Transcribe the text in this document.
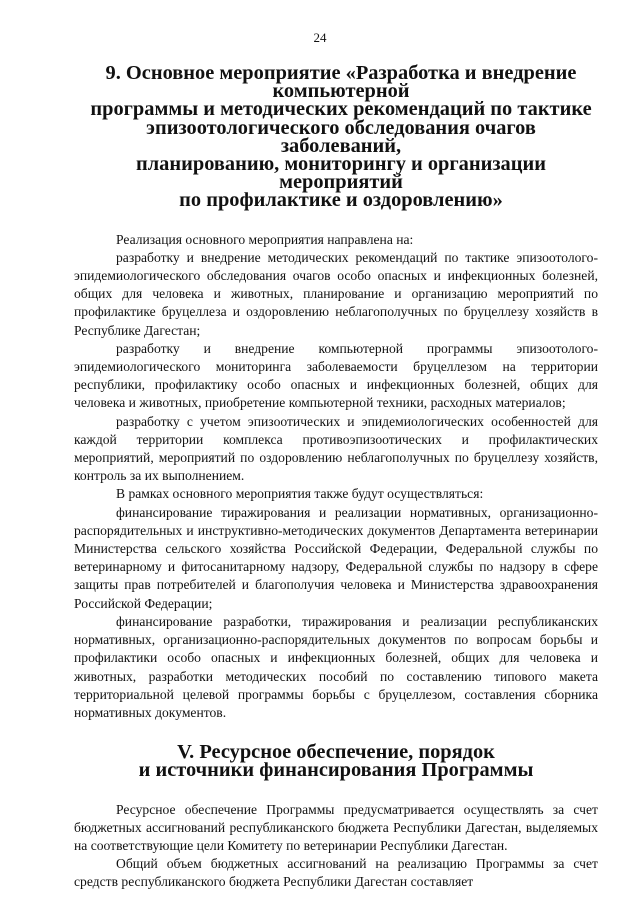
24
9. Основное мероприятие «Разработка и внедрение компьютерной
программы и методических рекомендаций по тактике
эпизоотологического обследования очагов заболеваний,
планированию, мониторингу и организации мероприятий
по профилактике и оздоровлению»

Реализация основного мероприятия направлена на:

разработку и внедрение методических рекомендаций по тактике эпизоотолого-эпидемиологического обследования очагов особо опасных и инфекционных болезней, общих для человека и животных, планирование и организацию мероприятий по профилактике бруцеллеза и оздоровлению неблагополучных по бруцеллезу хозяйств в Республике Дагестан;

разработку и внедрение компьютерной программы эпизоотолого-эпидемиологического мониторинга заболеваемости бруцеллезом на территории республики, профилактику особо опасных и инфекционных болезней, общих для человека и животных, приобретение компьютерной техники, расходных материалов;

разработку с учетом эпизоотических и эпидемиологических особенностей для каждой территории комплекса противоэпизоотических и профилактических мероприятий, мероприятий по оздоровлению неблагополучных по бруцеллезу хозяйств, контроль за их выполнением.

В рамках основного мероприятия также будут осуществляться:

финансирование тиражирования и реализации нормативных, организационно-распорядительных и инструктивно-методических документов Департамента ветеринарии Министерства сельского хозяйства Российской Федерации, Федеральной службы по ветеринарному и фитосанитарному надзору, Федеральной службы по надзору в сфере защиты прав потребителей и благополучия человека и Министерства здравоохранения Российской Федерации;

финансирование разработки, тиражирования и реализации республиканских нормативных, организационно-распорядительных документов по вопросам борьбы и профилактики особо опасных и инфекционных болезней, общих для человека и животных, разработки методических пособий по составлению типового макета территориальной целевой программы борьбы с бруцеллезом, составления сборника нормативных документов.

V. Ресурсное обеспечение, порядок
и источники финансирования Программы

Ресурсное обеспечение Программы предусматривается осуществлять за счет бюджетных ассигнований республиканского бюджета Республики Дагестан, выделяемых на соответствующие цели Комитету по ветеринарии Республики Дагестан.

Общий объем бюджетных ассигнований на реализацию Программы за счет средств республиканского бюджета Республики Дагестан составляет
